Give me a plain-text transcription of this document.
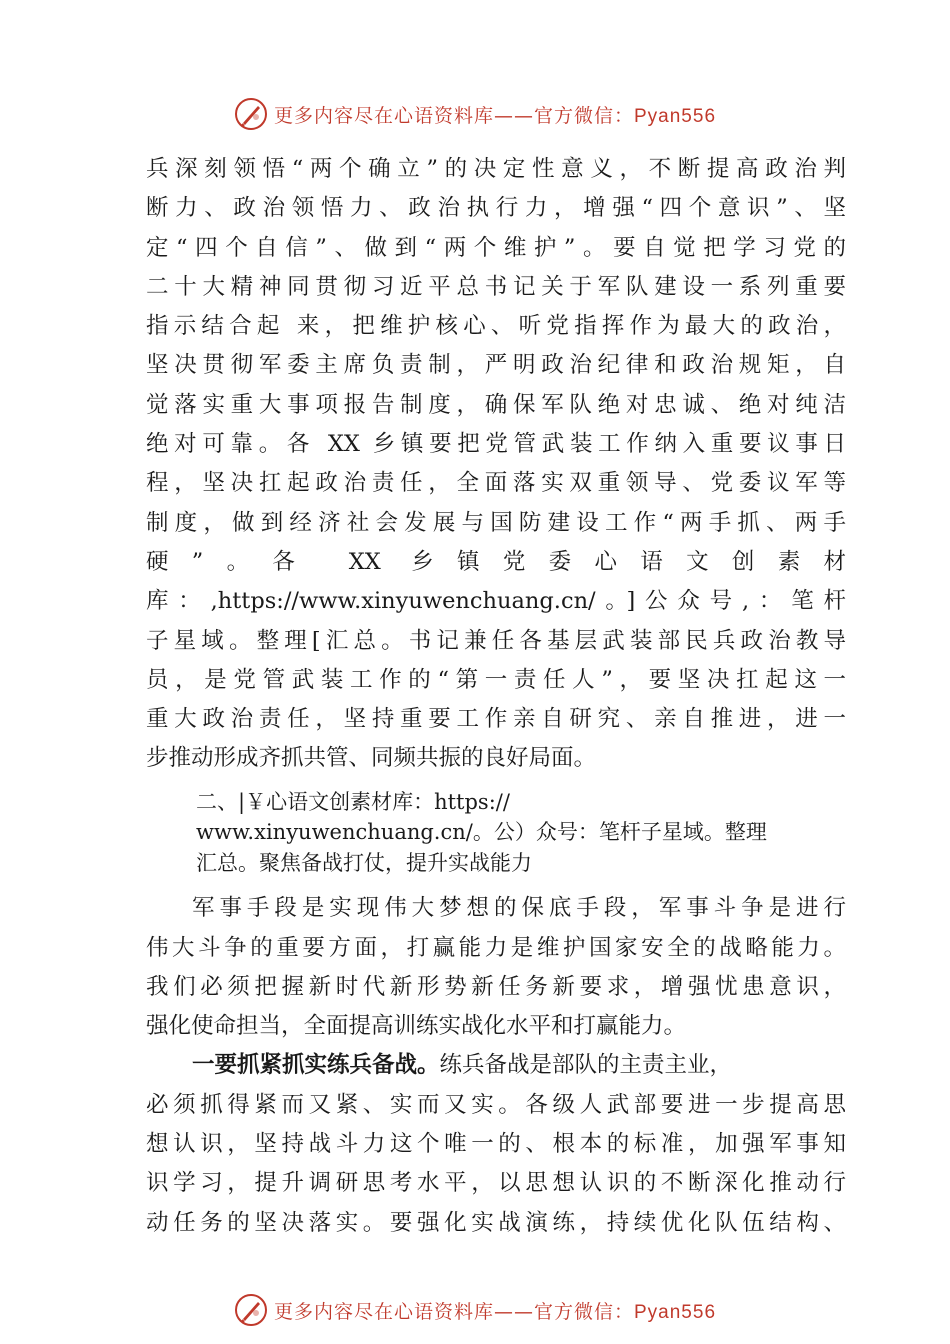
更多内容尽在心语资料库——官方微信：Pyan556
兵深刻领悟“两个确立”的决定性意义，不断提高政治判
断力、政治领悟力、政治执行力，增强“四个意识”、坚
定“四个自信”、做到“两个维护”。要自觉把学习党的
二十大精神同贯彻习近平总书记关于军队建设一系列重要
指示结合起 来，把维护核心、听党指挥作为最大的政治，
坚决贯彻军委主席负责制，严明政治纪律和政治规矩，自
觉落实重大事项报告制度，确保军队绝对忠诚、绝对纯洁
绝对可靠。各 XX 乡镇要把党管武装工作纳入重要议事日
程，坚决扛起政治责任，全面落实双重领导、党委议军等
制度，做到经济社会发展与国防建设工作“两手抓、两手
硬”。各 XX 乡镇党委心语文创素材
库：,https://www.xinyuwenchuang.cn/。]公众号,：笔杆
子星域。整理[汇总。书记兼任各基层武装部民兵政治教导
员，是党管武装工作的“第一责任人”，要坚决扛起这一
重大政治责任，坚持重要工作亲自研究、亲自推进，进一
步推动形成齐抓共管、同频共振的良好局面。
二、|￥心语文创素材库：https://
www.xinyuwenchuang.cn/。公）众号：笔杆子星域。整理
汇总。聚焦备战打仗，提升实战能力
军事手段是实现伟大梦想的保底手段，军事斗争是进行
伟大斗争的重要方面，打赢能力是维护国家安全的战略能力。
我们必须把握新时代新形势新任务新要求，增强忧患意识，
强化使命担当，全面提高训练实战化水平和打赢能力。
一要抓紧抓实练兵备战。练兵备战是部队的主责主业，
必须抓得紧而又紧、实而又实。各级人武部要进一步提高思
想认识，坚持战斗力这个唯一的、根本的标准，加强军事知
识学习，提升调研思考水平，以思想认识的不断深化推动行
动任务的坚决落实。要强化实战演练，持续优化队伍结构、
更多内容尽在心语资料库——官方微信：Pyan556
